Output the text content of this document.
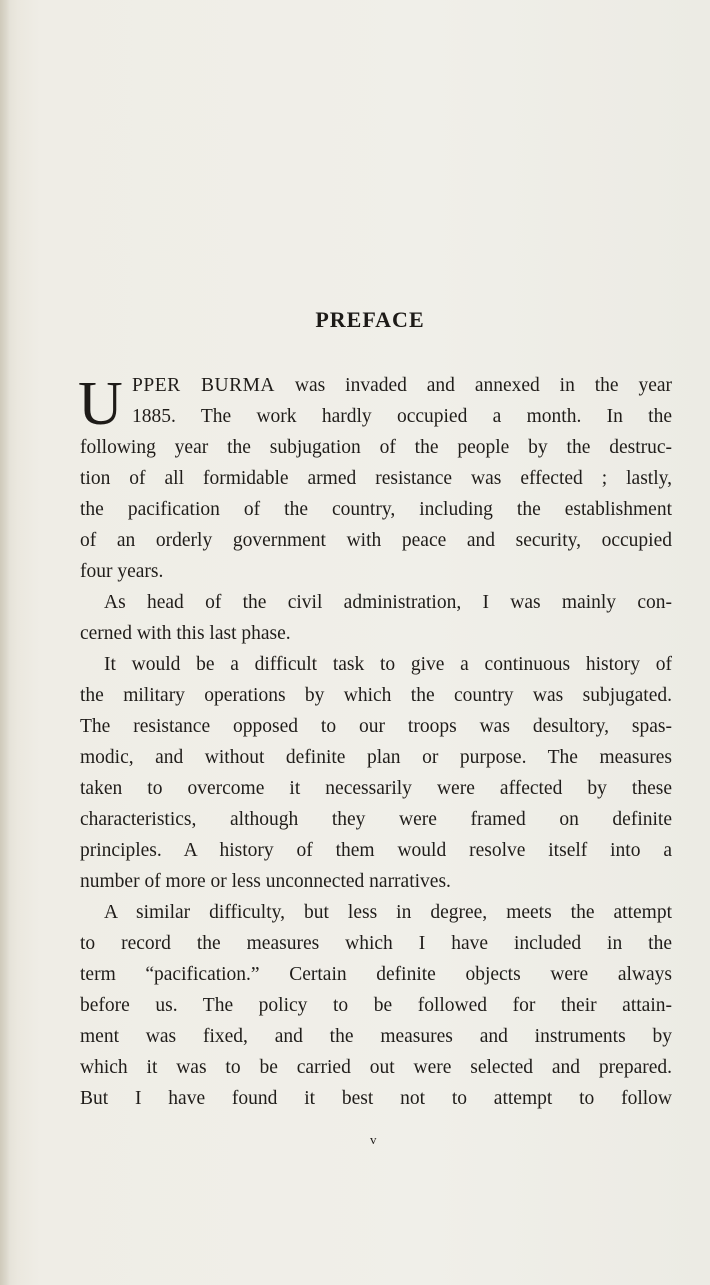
PREFACE
U PPER BURMA was invaded and annexed in the year
1885. The work hardly occupied a month. In the
following year the subjugation of the people by the destruc-
tion of all formidable armed resistance was effected ; lastly,
the pacification of the country, including the establishment
of an orderly government with peace and security, occupied
four years.
As head of the civil administration, I was mainly con-
cerned with this last phase.
It would be a difficult task to give a continuous history of
the military operations by which the country was subjugated.
The resistance opposed to our troops was desultory, spas-
modic, and without definite plan or purpose. The measures
taken to overcome it necessarily were affected by these
characteristics, although they were framed on definite
principles. A history of them would resolve itself into a
number of more or less unconnected narratives.
A similar difficulty, but less in degree, meets the attempt
to record the measures which I have included in the
term “pacification.” Certain definite objects were always
before us. The policy to be followed for their attain-
ment was fixed, and the measures and instruments by
which it was to be carried out were selected and prepared.
But I have found it best not to attempt to follow
v
